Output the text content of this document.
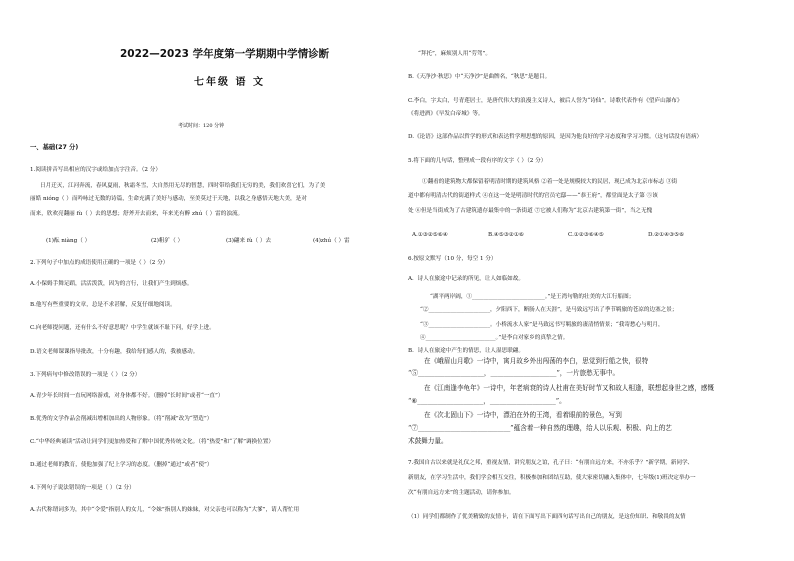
2022—2023 学年度第一学期期中学情诊断
七年级 语 文
考试时间：120 分钟
一、基础(27 分)
1.阅读拼音写出相应的汉字或给加点字注音。（2 分）
日月迁灭，江河奔流，春风夏雨，秋霜冬雪，大自然用无尽的智慧，四时带给我们无穷的美，我们欢喜它们，为了美
丽皓 nióng（ ）而吟咏过无数的诗篇，生命充满了美好与感动，至美莫过于天地，以我之身感悟天地大美，是对
而来，欣欢亮翻丽 fù（ ）去的思想；舒斧开去而来，年来光有醉 zhú（ ）雷的浊流。
(1)酝 niàng（ ）	(2)粗犷（ ）	(3)翩来 fù（ ）去	(4)zhú（ ）雷
2.下列句子中加点的成语使用正确的一项是（ ）（2 分）
A.小保姆手舞足蹈，活活泼泼，因为的言行，让我们产生到烦感。
B.他写有些重要的文章，总是不求甚解，反复仔细地阅读。
C.向老师提问题，还有什么不好意思呢？中学生就该不耻下问，好学上进。
D.语文老师课课指导批改，十分有趣，我给每们感人的，我被感动。
3.下列病句中修改错误的一项是（ ）（2 分）
A.青少年长时间一直玩网络游戏，对身体都不好。（删掉“长时间”或者“一直”）
B.优秀的文学作品会削减出增相加出的人物形象。（将“削减”改为“塑造”）
C.“中华经典诵读”活动让同学们更加热爱和了解中国优秀传统文化。（将“热爱”和“了解”调换位置）
D.通过老师的教育，使他加强了纪上学习的态度。（删掉“通过”或者“使”）
4.下列句子说法错误的一项是（ ）（2 分）
A.古代称谓词多为，其中“令爱”指别人的女儿，“令妹”指别人的妹妹，对父亲也可以称为“大爹”，请人帮忙用
“拜托”，麻烦别人用“劳驾”。
B.《天净沙·秋思》中“天净沙”是曲牌名，“秋思”是题目。
C.李白，字太白，号青莲居士，是唐代伟大的浪漫主义诗人，被后人誉为“诗仙”。诗歌代表作有《望庐山瀑布》
《将进酒》《早发白帝城》等。
D.《论语》这部作品以哲学的形式和表达哲学理思想的原因，是因为他良好的学习态度和学习习惯。（这句话没有语病）
5.将下面的几句话，整理成一段有序的文字（ ）（2 分）
①翻看的建筑物大都保留着明清时期的建筑风格 ②着一处是规模较大的民居，现已成为北京市标志 ③街
道中都有明清古代的街道样式 ④在这一处是明清时代的官员宅邸——“恭王府”，都堂面是太子第 ⑤该
处 ⑥但是当街成为了古建筑遗存最集中的一条街道 ⑦它被人们称为“北京古建筑第一街”，当之无愧
A.①③②⑤⑥④	B.④⑤③②①⑥	C.①②③⑥④⑤	D.②①④③⑤⑥
6.按原文默写（10 分，每空 1 分）
A．诗人在旅途中记录的所见，让人如临如故。
“湖平两岸阔，①__________________________。”是王湾句勒的壮美的大江行船图；
“②______________________，夕阳西下，断肠人在天涯”，是马致远写出了季节羁旅的苍凉的边塞之景；
“③______________________。小桥流水人家”是马致远书写羁旅的凄清悄情景；“我寄愁心与明月，
④_________________________。”是李白对家乡的真挚之情。
B．诗人在旅途中产生的情思，让人湿思联翩。
在《峨眉山月歌》一诗中，寓月故乡外出闯荡的李白，思觉到行船之快，很特
“⑤____________________，____________________”，一片旅愁无事中。
在《江南逢李龟年》一诗中，年老病衰的诗人杜甫在美好时节又和故人相逢，联想起身世之感，感慨
“⑥____________________，____________________”。
在《次北固山下》一诗中，漂泊在外的王湾，看着眼前的景色，写到
“⑦____________________________”蕴含着一种自然的理趣，给人以乐观、积极、向上的艺
术鼓舞力量。
7.我国自古以来就是礼仪之邦，重视友情，讲究朋友之谊，孔子曰：“有朋自远方来，不亦乐乎？”新学期，新同学、
新朋友，在学习生活中，我们学会相互交往，积极参加和团结互助，使大家密切融入集体中，七年级(1)班决定举办一
次“有朋自远方来”的主题活动，请你参加。
（1）同学们都制作了优美精致的友情卡，请在下面写出下面四句话写出自己的朋友，是这份知识、和敬畏的友情
